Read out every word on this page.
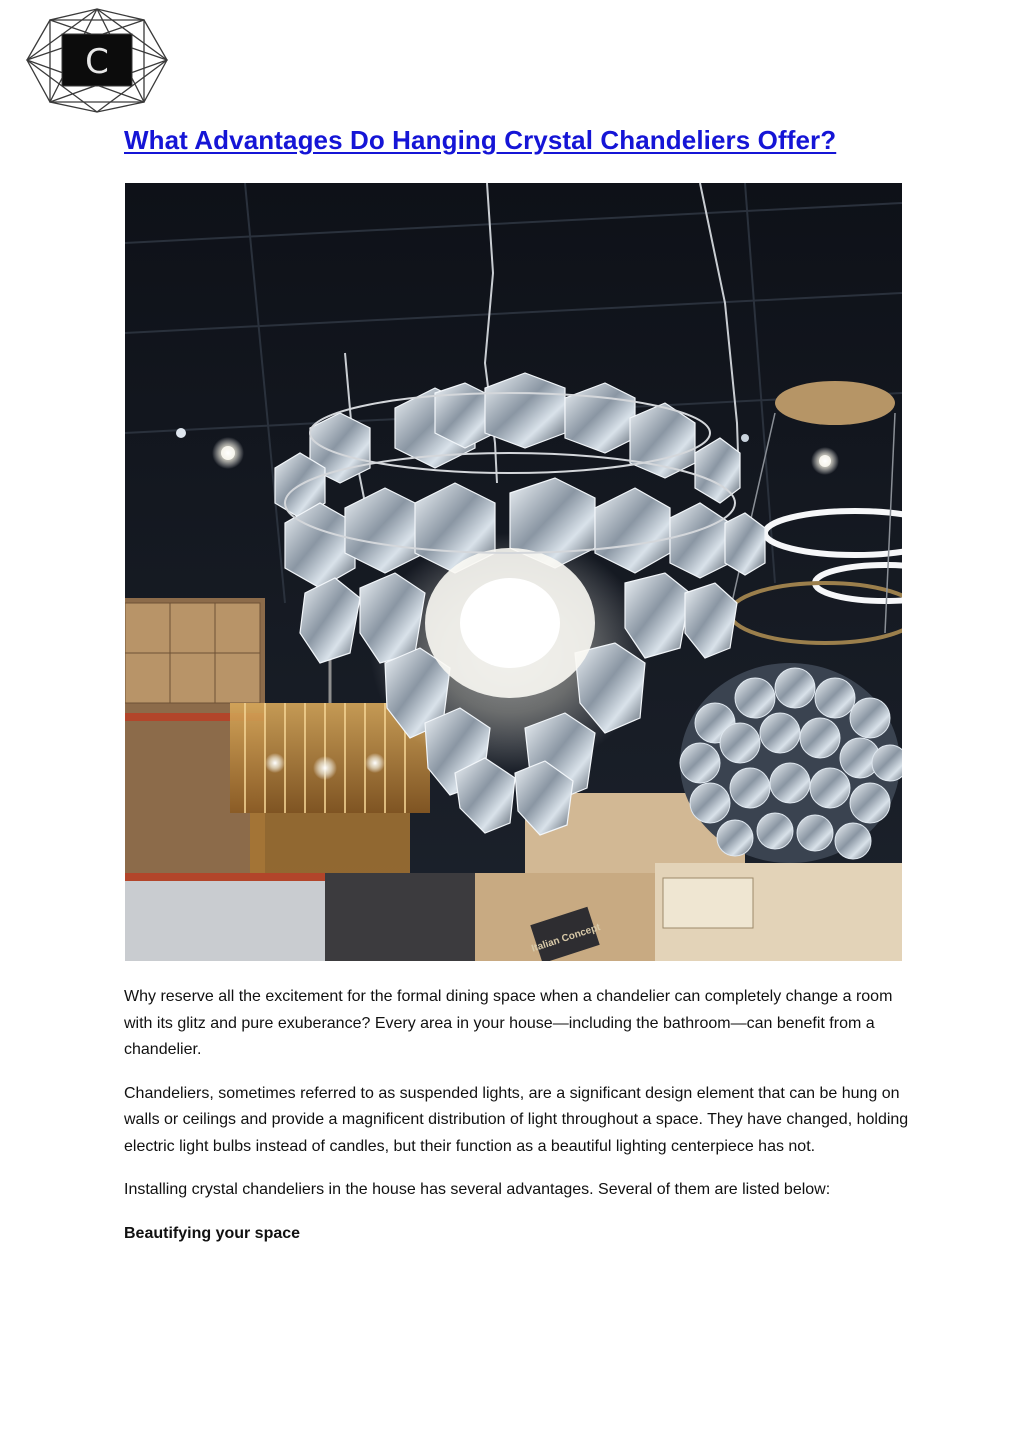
C
What Advantages Do Hanging Crystal Chandeliers Offer?
Italian Concept

Why reserve all the excitement for the formal dining space when a chandelier can completely change a room with its glitz and pure exuberance? Every area in your house—including the bathroom—can benefit from a chandelier.

Chandeliers, sometimes referred to as suspended lights, are a significant design element that can be hung on walls or ceilings and provide a magnificent distribution of light throughout a space. They have changed, holding electric light bulbs instead of candles, but their function as a beautiful lighting centerpiece has not.

Installing crystal chandeliers in the house has several advantages. Several of them are listed below:

Beautifying your space
